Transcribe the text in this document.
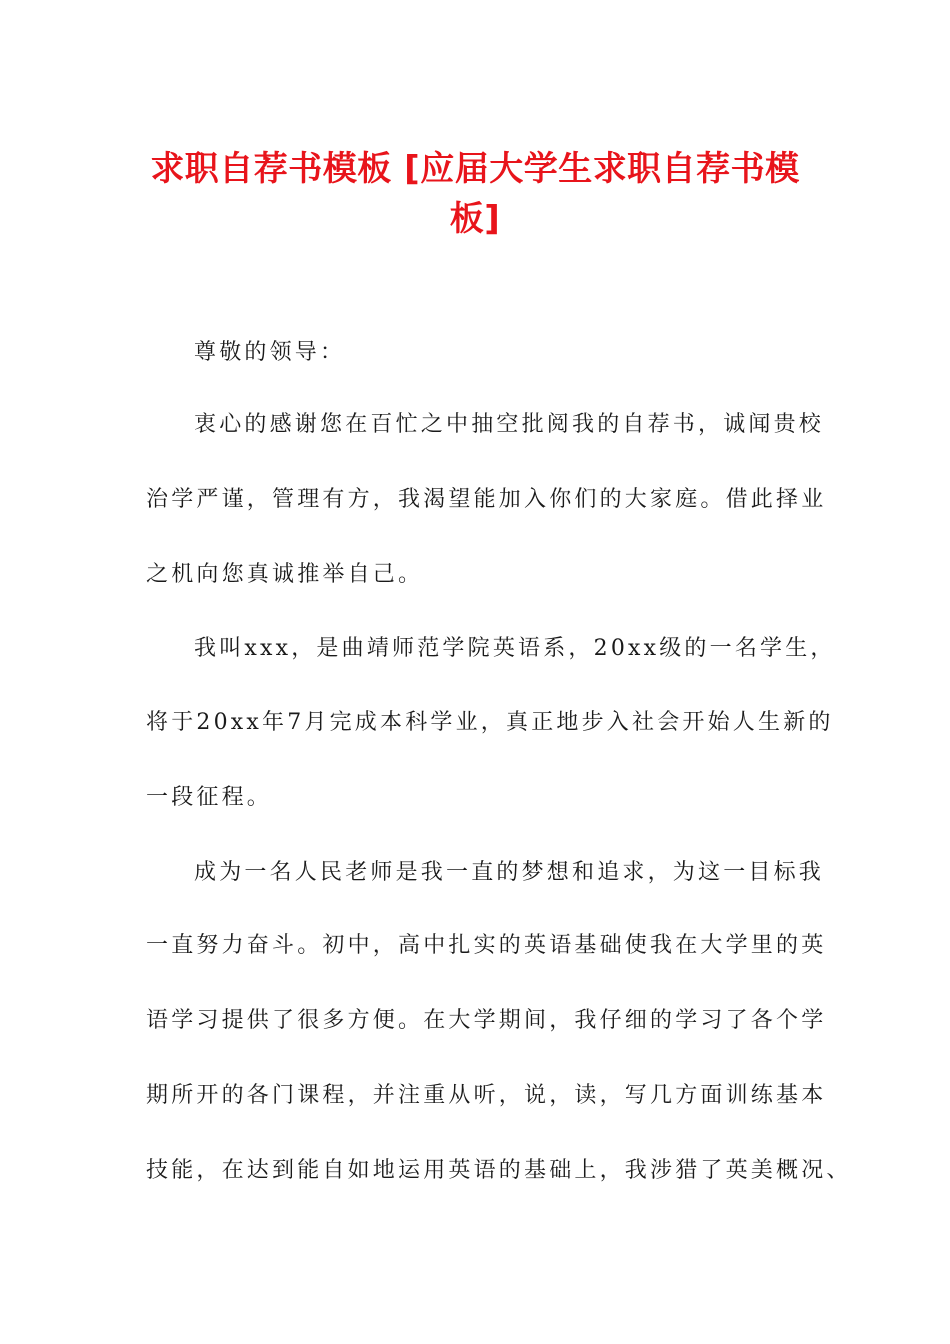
求职自荐书模板 [应届大学生求职自荐书模板]
尊敬的领导：
衷心的感谢您在百忙之中抽空批阅我的自荐书，诚闻贵校
治学严谨，管理有方，我渴望能加入你们的大家庭。借此择业
之机向您真诚推举自己。
我叫xxx，是曲靖师范学院英语系，20xx级的一名学生，
将于20xx年7月完成本科学业，真正地步入社会开始人生新的
一段征程。
成为一名人民老师是我一直的梦想和追求，为这一目标我
一直努力奋斗。初中，高中扎实的英语基础使我在大学里的英
语学习提供了很多方便。在大学期间，我仔细的学习了各个学
期所开的各门课程，并注重从听，说，读，写几方面训练基本
技能，在达到能自如地运用英语的基础上，我涉猎了英美概况、
